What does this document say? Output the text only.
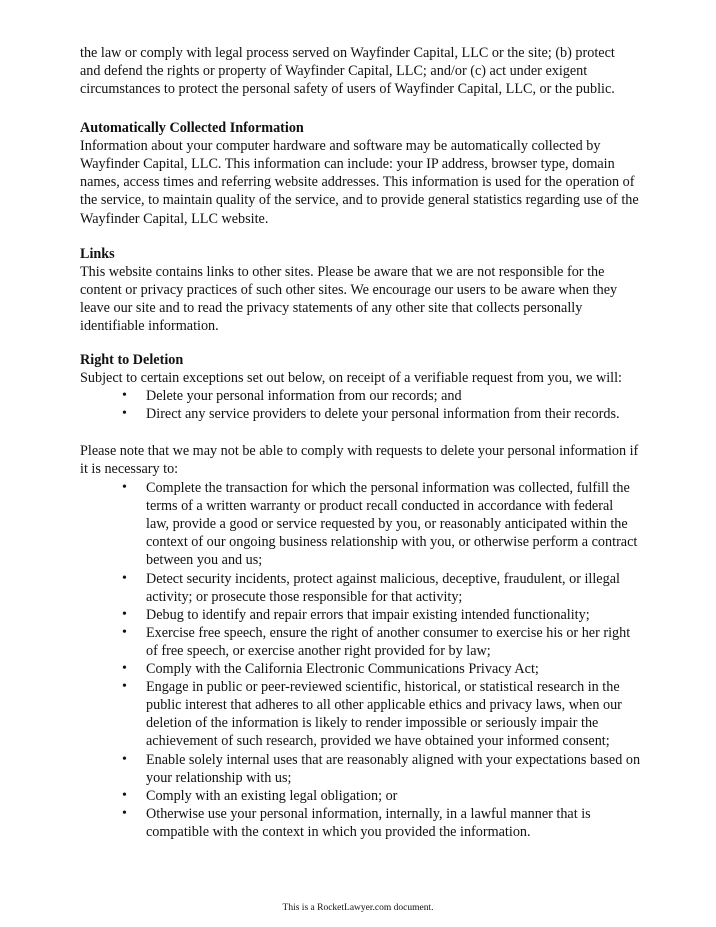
the law or comply with legal process served on Wayfinder Capital, LLC or the site; (b) protect
and defend the rights or property of Wayfinder Capital, LLC; and/or (c) act under exigent
circumstances to protect the personal safety of users of Wayfinder Capital, LLC, or the public.
Automatically Collected Information
Information about your computer hardware and software may be automatically collected by
Wayfinder Capital, LLC. This information can include: your IP address, browser type, domain
names, access times and referring website addresses. This information is used for the operation of
the service, to maintain quality of the service, and to provide general statistics regarding use of the
Wayfinder Capital, LLC website.
Links
This website contains links to other sites. Please be aware that we are not responsible for the
content or privacy practices of such other sites. We encourage our users to be aware when they
leave our site and to read the privacy statements of any other site that collects personally
identifiable information.
Right to Deletion
Subject to certain exceptions set out below, on receipt of a verifiable request from you, we will:
• Delete your personal information from our records; and
• Direct any service providers to delete your personal information from their records.
Please note that we may not be able to comply with requests to delete your personal information if
it is necessary to:
• Complete the transaction for which the personal information was collected, fulfill the
terms of a written warranty or product recall conducted in accordance with federal
law, provide a good or service requested by you, or reasonably anticipated within the
context of our ongoing business relationship with you, or otherwise perform a contract
between you and us;
• Detect security incidents, protect against malicious, deceptive, fraudulent, or illegal
activity; or prosecute those responsible for that activity;
• Debug to identify and repair errors that impair existing intended functionality;
• Exercise free speech, ensure the right of another consumer to exercise his or her right
of free speech, or exercise another right provided for by law;
• Comply with the California Electronic Communications Privacy Act;
• Engage in public or peer-reviewed scientific, historical, or statistical research in the
public interest that adheres to all other applicable ethics and privacy laws, when our
deletion of the information is likely to render impossible or seriously impair the
achievement of such research, provided we have obtained your informed consent;
• Enable solely internal uses that are reasonably aligned with your expectations based on
your relationship with us;
• Comply with an existing legal obligation; or
• Otherwise use your personal information, internally, in a lawful manner that is
compatible with the context in which you provided the information.
This is a RocketLawyer.com document.
